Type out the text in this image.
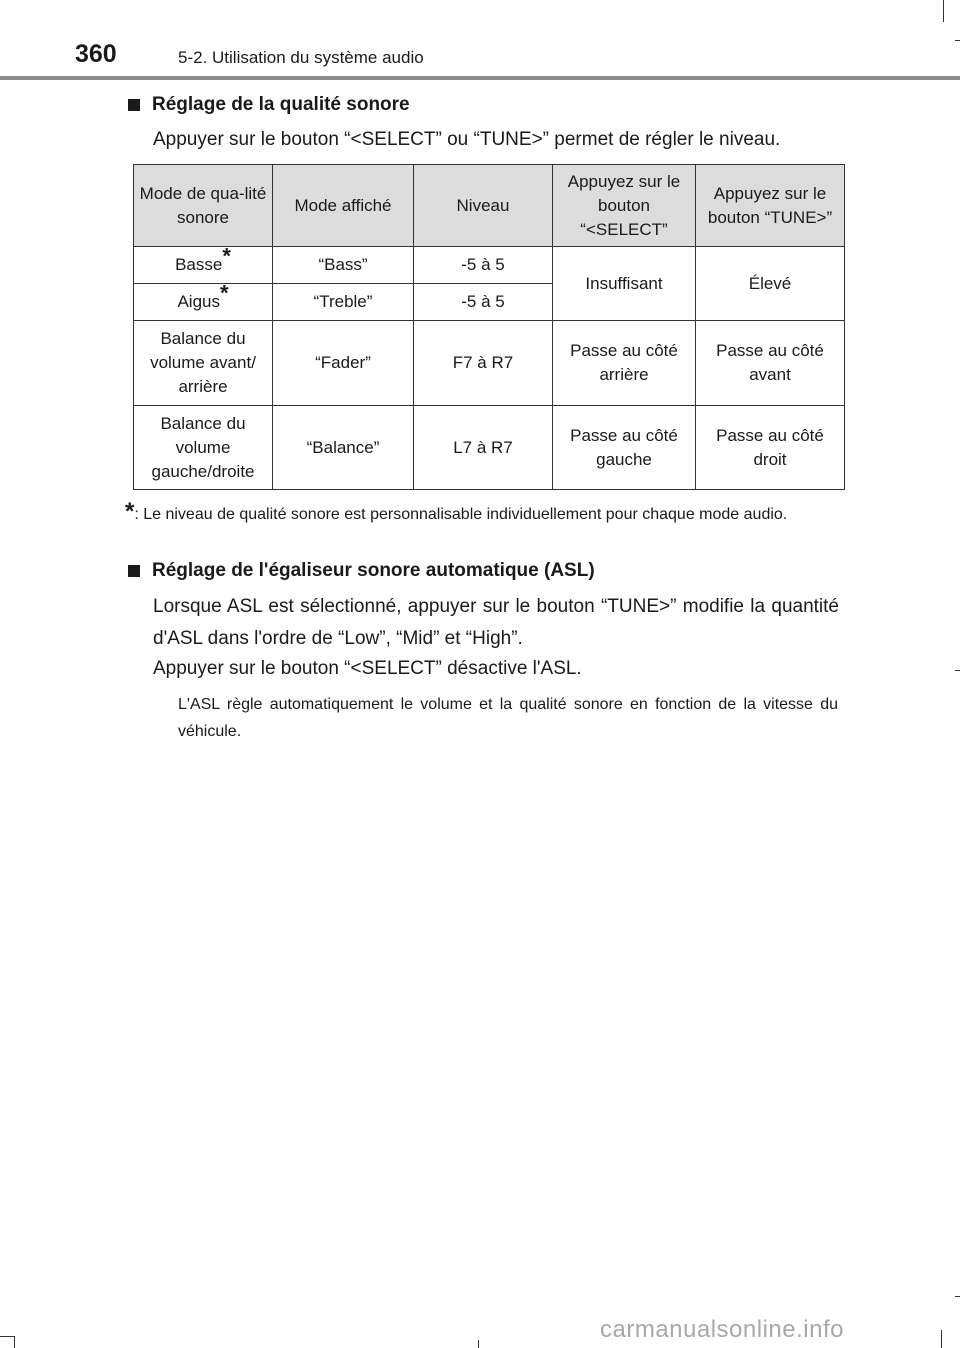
360	5-2. Utilisation du système audio
Réglage de la qualité sonore
Appuyer sur le bouton “<SELECT” ou “TUNE>” permet de régler le niveau.
Mode de qua-lité sonore	Mode affiché	Niveau	Appuyez sur le bouton “<SELECT”	Appuyez sur le bouton “TUNE>”
Basse*	“Bass”	-5 à 5	Insuffisant	Élevé
Aigus*	“Treble”	-5 à 5		
Balance du volume avant/ arrière	“Fader”	F7 à R7	Passe au côté arrière	Passe au côté avant
Balance du volume gauche/droite	“Balance”	L7 à R7	Passe au côté gauche	Passe au côté droit
*: Le niveau de qualité sonore est personnalisable individuellement pour chaque mode audio.
Réglage de l'égaliseur sonore automatique (ASL)
Lorsque ASL est sélectionné, appuyer sur le bouton “TUNE>” modifie la quantité d'ASL dans l'ordre de “Low”, “Mid” et “High”.
Appuyer sur le bouton “<SELECT” désactive l'ASL.
L'ASL règle automatiquement le volume et la qualité sonore en fonction de la vitesse du véhicule.
carmanualsonline.info
